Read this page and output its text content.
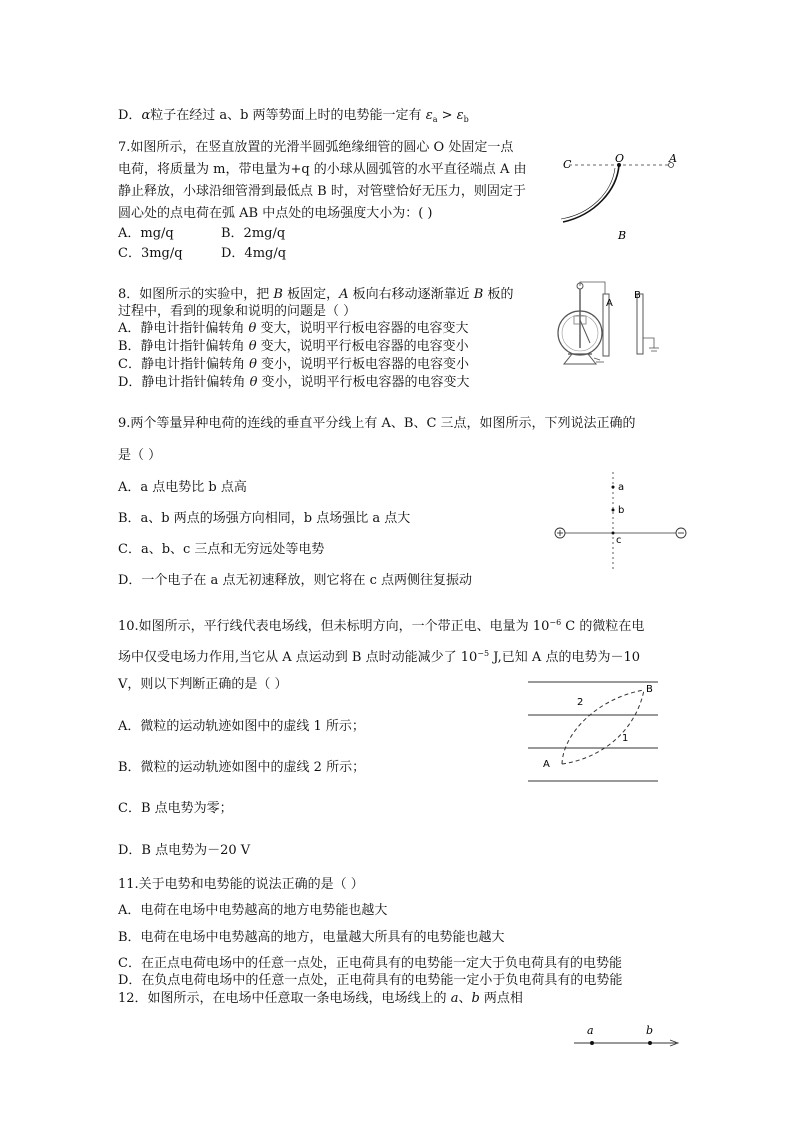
D．α粒子在经过 a、b 两等势面上时的电势能一定有 $\varepsilon_a > \varepsilon_b$
7.如图所示，在竖直放置的光滑半圆弧绝缘细管的圆心 O 处固定一点
电荷，将质量为 m，带电量为+q 的小球从圆弧管的水平直径端点 A 由
静止释放，小球沿细管滑到最低点 B 时，对管壁恰好无压力，则固定于
圆心处的点电荷在弧 AB 中点处的电场强度大小为：( )
A．mg/q	B．2mg/q
C．3mg/q	D．4mg/q
C	O	A
B
8．如图所示的实验中，把 B 板固定，A 板向右移动逐渐靠近 B 板的
过程中，看到的现象和说明的问题是（ ）
A．静电计指针偏转角 θ 变大，说明平行板电容器的电容变大
B．静电计指针偏转角 θ 变大，说明平行板电容器的电容变小
C．静电计指针偏转角 θ 变小，说明平行板电容器的电容变小
D．静电计指针偏转角 θ 变小，说明平行板电容器的电容变大
A
B
9.两个等量异种电荷的连线的垂直平分线上有 A、B、C 三点，如图所示，下列说法正确的
是（ ）
A．a 点电势比 b 点高
B．a、b 两点的场强方向相同，b 点场强比 a 点大
C．a、b、c 三点和无穷远处等电势
D．一个电子在 a 点无初速释放，则它将在 c 点两侧往复振动
a
b
c
10.如图所示，平行线代表电场线，但未标明方向，一个带正电、电量为 $10^{-6}$ C 的微粒在电
场中仅受电场力作用,当它从 A 点运动到 B 点时动能减少了 $10^{-5}$ J,已知 A 点的电势为－10
V，则以下判断正确的是（ ）
A．微粒的运动轨迹如图中的虚线 1 所示；
B．微粒的运动轨迹如图中的虚线 2 所示；
C．B 点电势为零；
D．B 点电势为－20 V
A
B
1
2
11.关于电势和电势能的说法正确的是（ ）
A．电荷在电场中电势越高的地方电势能也越大
B．电荷在电场中电势越高的地方，电量越大所具有的电势能也越大
C．在正点电荷电场中的任意一点处，正电荷具有的电势能一定大于负电荷具有的电势能
D．在负点电荷电场中的任意一点处，正电荷具有的电势能一定小于负电荷具有的电势能
12．如图所示，在电场中任意取一条电场线，电场线上的 a、b 两点相
a	b
